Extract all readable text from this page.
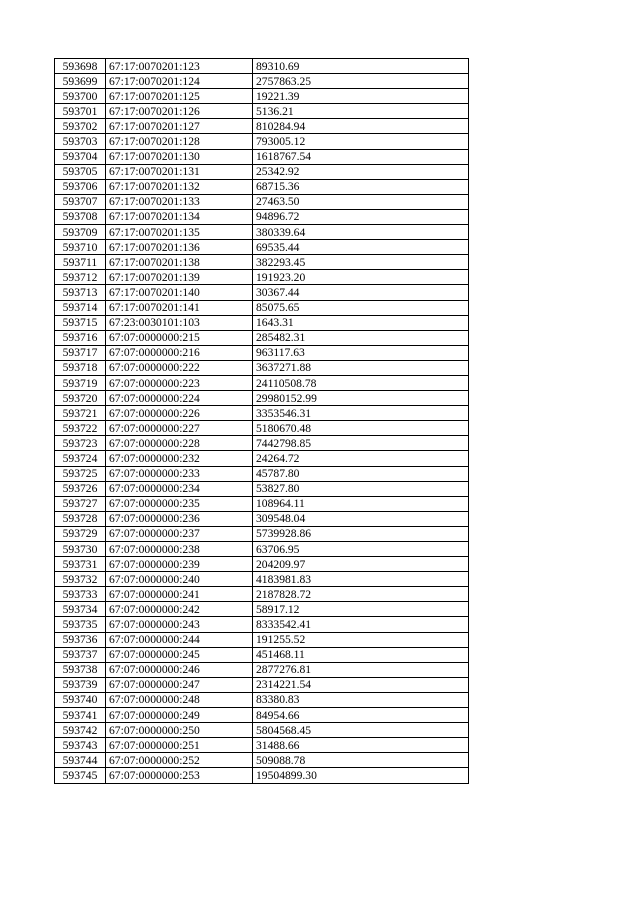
593698	67:17:0070201:123	89310.69
593699	67:17:0070201:124	2757863.25
593700	67:17:0070201:125	19221.39
593701	67:17:0070201:126	5136.21
593702	67:17:0070201:127	810284.94
593703	67:17:0070201:128	793005.12
593704	67:17:0070201:130	1618767.54
593705	67:17:0070201:131	25342.92
593706	67:17:0070201:132	68715.36
593707	67:17:0070201:133	27463.50
593708	67:17:0070201:134	94896.72
593709	67:17:0070201:135	380339.64
593710	67:17:0070201:136	69535.44
593711	67:17:0070201:138	382293.45
593712	67:17:0070201:139	191923.20
593713	67:17:0070201:140	30367.44
593714	67:17:0070201:141	85075.65
593715	67:23:0030101:103	1643.31
593716	67:07:0000000:215	285482.31
593717	67:07:0000000:216	963117.63
593718	67:07:0000000:222	3637271.88
593719	67:07:0000000:223	24110508.78
593720	67:07:0000000:224	29980152.99
593721	67:07:0000000:226	3353546.31
593722	67:07:0000000:227	5180670.48
593723	67:07:0000000:228	7442798.85
593724	67:07:0000000:232	24264.72
593725	67:07:0000000:233	45787.80
593726	67:07:0000000:234	53827.80
593727	67:07:0000000:235	108964.11
593728	67:07:0000000:236	309548.04
593729	67:07:0000000:237	5739928.86
593730	67:07:0000000:238	63706.95
593731	67:07:0000000:239	204209.97
593732	67:07:0000000:240	4183981.83
593733	67:07:0000000:241	2187828.72
593734	67:07:0000000:242	58917.12
593735	67:07:0000000:243	8333542.41
593736	67:07:0000000:244	191255.52
593737	67:07:0000000:245	451468.11
593738	67:07:0000000:246	2877276.81
593739	67:07:0000000:247	2314221.54
593740	67:07:0000000:248	83380.83
593741	67:07:0000000:249	84954.66
593742	67:07:0000000:250	5804568.45
593743	67:07:0000000:251	31488.66
593744	67:07:0000000:252	509088.78
593745	67:07:0000000:253	19504899.30
